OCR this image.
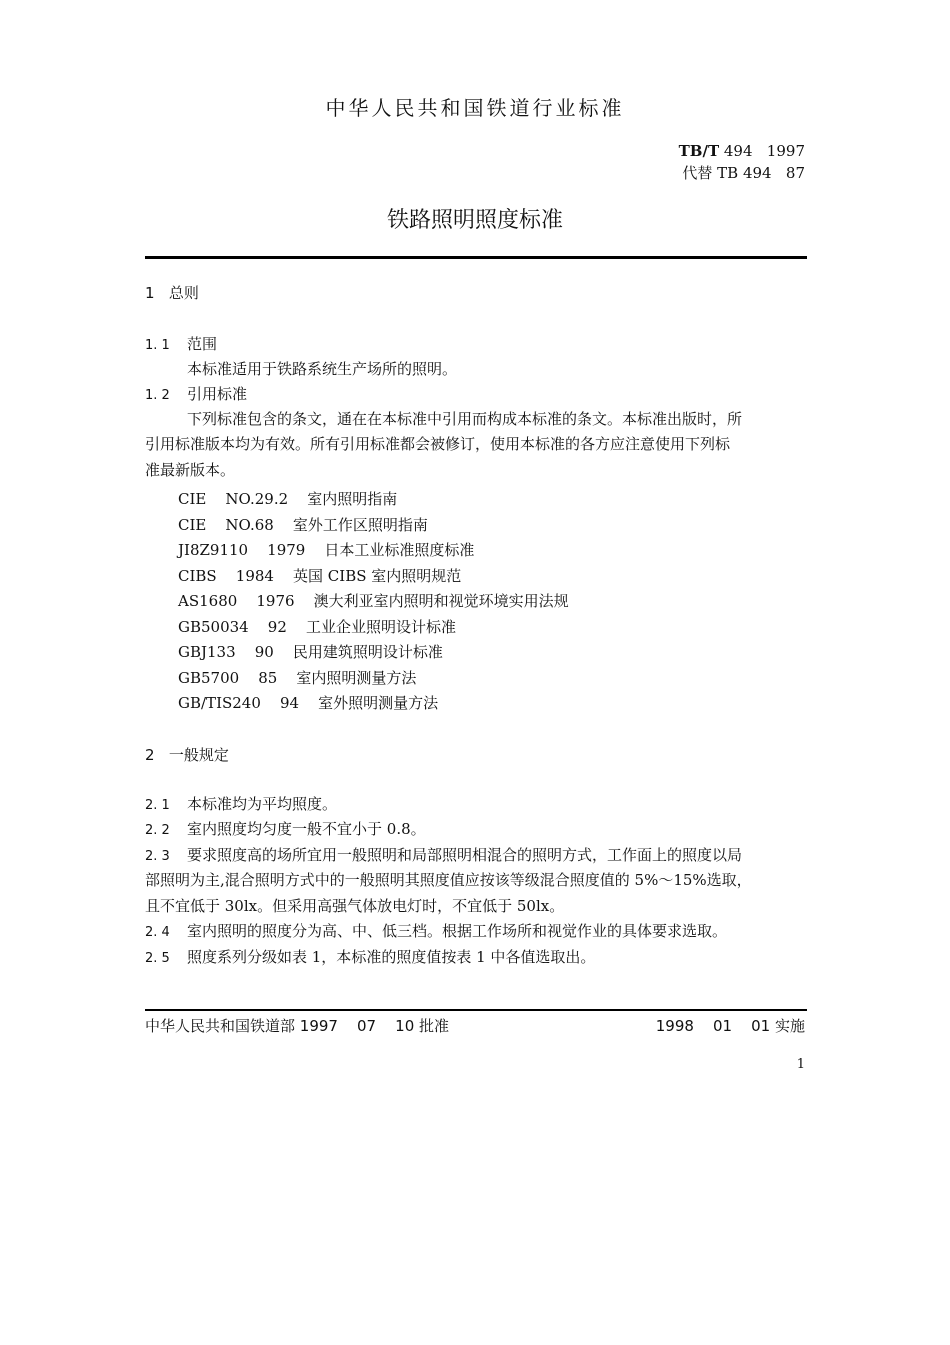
中华人民共和国铁道行业标准
TB/T 494   1997
代替 TB 494   87
铁路照明照度标准
1   总则
1. 1 范围
本标准适用于铁路系统生产场所的照明。
1. 2 引用标准
下列标准包含的条文，通在在本标准中引用而构成本标准的条文。本标准出版时，所
引用标准版本均为有效。所有引用标准都会被修订，使用本标准的各方应注意使用下列标
准最新版本。
CIE    NO.29.2    室内照明指南
CIE    NO.68    室外工作区照明指南
JI8Z9110    1979    日本工业标准照度标准
CIBS    1984    英国 CIBS 室内照明规范
AS1680    1976    澳大利亚室内照明和视觉环境实用法规
GB50034    92    工业企业照明设计标准
GBJ133    90    民用建筑照明设计标准
GB5700    85    室内照明测量方法
GB/TIS240    94    室外照明测量方法
2   一般规定
2. 1 本标准均为平均照度。
2. 2 室内照度均匀度一般不宜小于 0.8。
2. 3 要求照度高的场所宜用一般照明和局部照明相混合的照明方式，工作面上的照度以局
部照明为主,混合照明方式中的一般照明其照度值应按该等级混合照度值的 5%～15%选取，
且不宜低于 30lx。但采用高强气体放电灯时，不宜低于 50lx。
2. 4 室内照明的照度分为高、中、低三档。根据工作场所和视觉作业的具体要求选取。
2. 5 照度系列分级如表 1，本标准的照度值按表 1 中各值选取出。
中华人民共和国铁道部 1997    07    10 批准	1998    01    01 实施
1
